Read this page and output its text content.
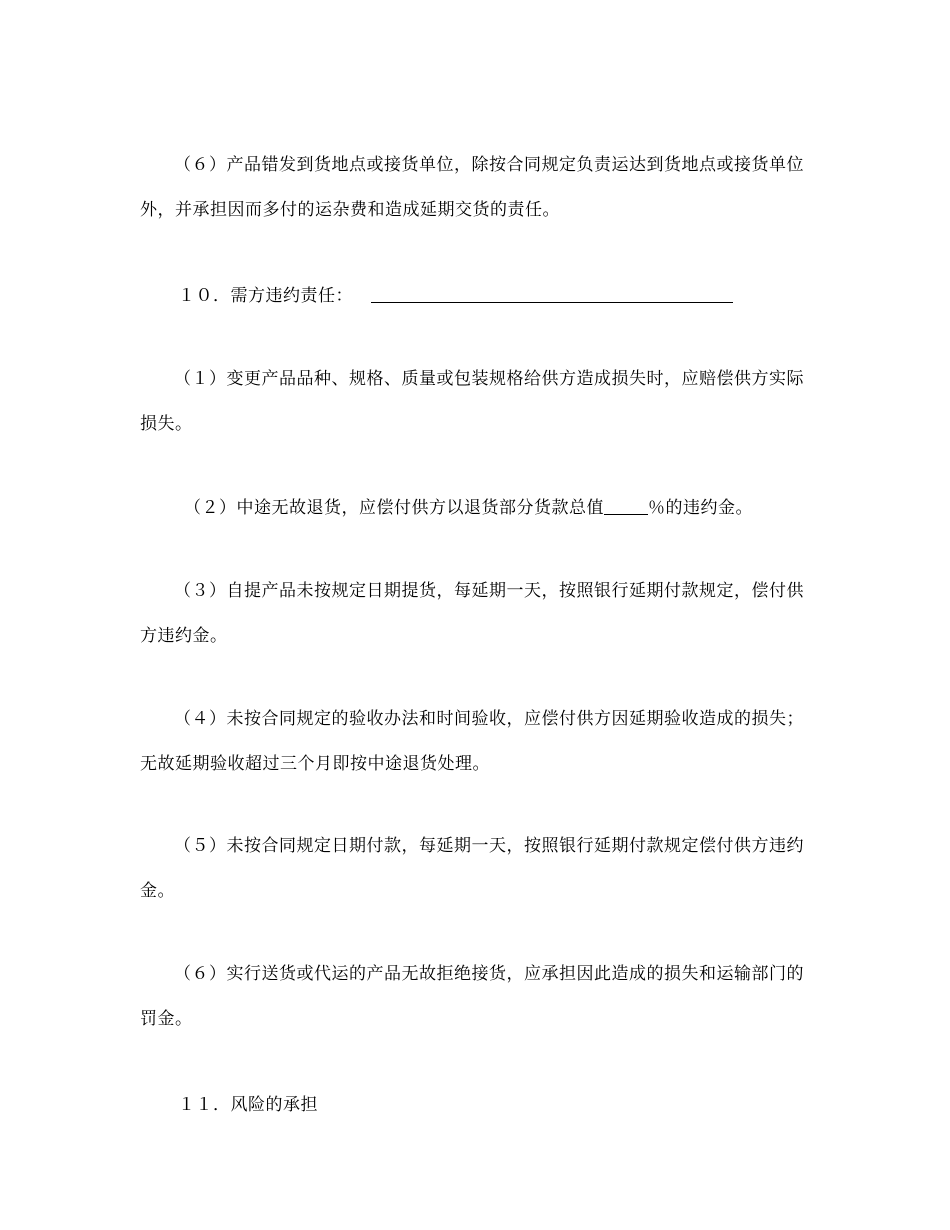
（６）产品错发到货地点或接货单位，除按合同规定负责运达到货地点或接货单位外，并承担因而多付的运杂费和造成延期交货的责任。

１０．需方违约责任：

（１）变更产品品种、规格、质量或包装规格给供方造成损失时，应赔偿供方实际损失。

（２）中途无故退货，应偿付供方以退货部分货款总值	％的违约金。

（３）自提产品未按规定日期提货，每延期一天，按照银行延期付款规定，偿付供方违约金。

（４）未按合同规定的验收办法和时间验收，应偿付供方因延期验收造成的损失；无故延期验收超过三个月即按中途退货处理。

（５）未按合同规定日期付款，每延期一天，按照银行延期付款规定偿付供方违约金。

（６）实行送货或代运的产品无故拒绝接货，应承担因此造成的损失和运输部门的罚金。

１１．风险的承担
